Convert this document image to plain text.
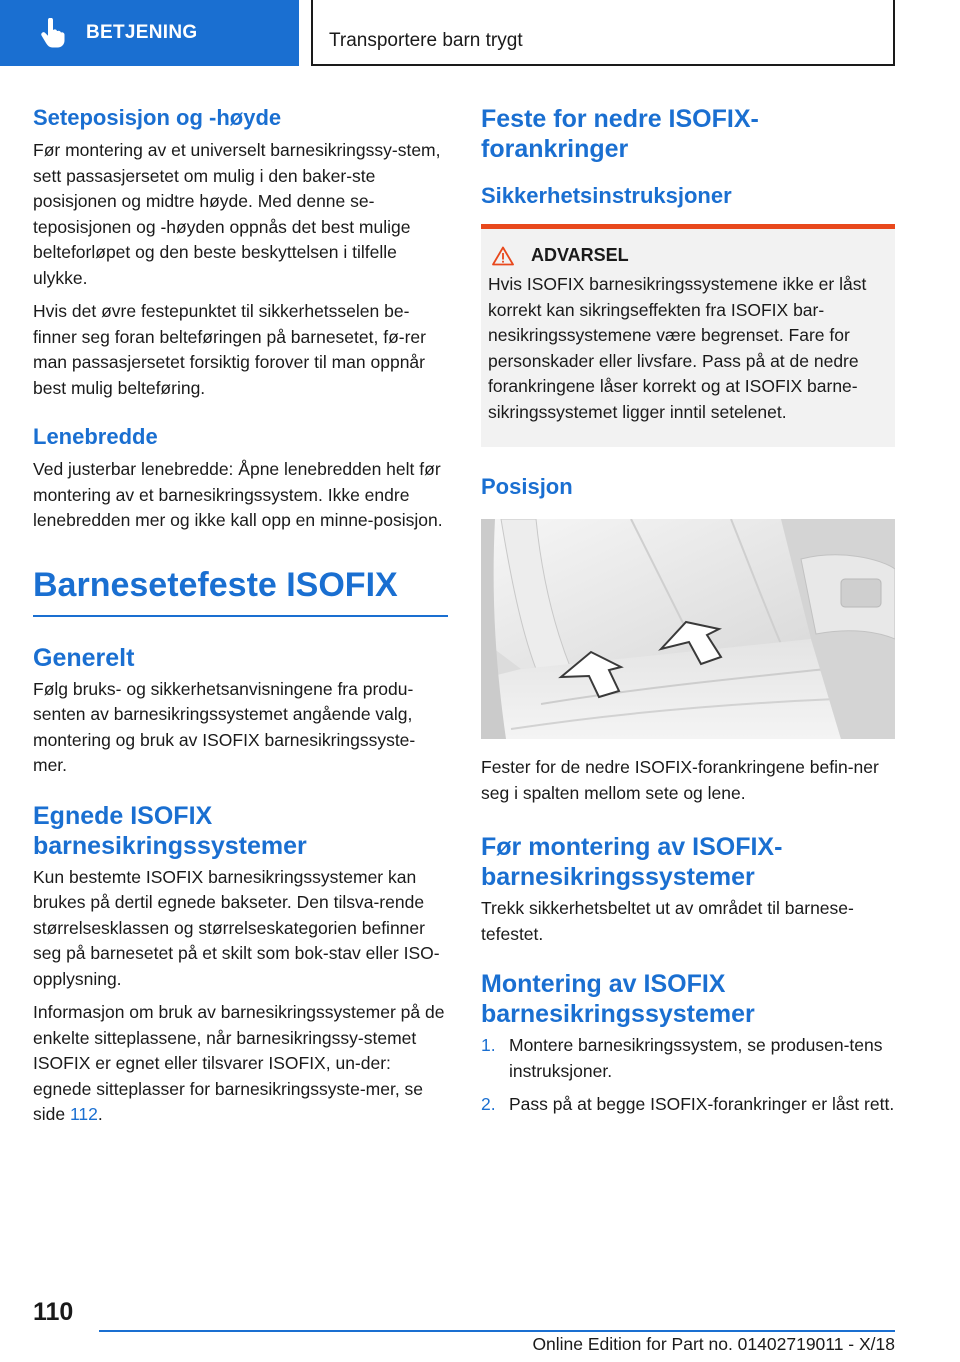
BETJENING	Transportere barn trygt
Seteposisjon og -høyde

Før montering av et universelt barnesikringssy-stem, sett passasjersetet om mulig i den baker-ste posisjonen og midtre høyde. Med denne se-teposisjonen og -høyden oppnås det best mulige belteforløpet og den beste beskyttelsen i tilfelle ulykke.

Hvis det øvre festepunktet til sikkerhetsselen be-finner seg foran belteføringen på barnesetet, fø-rer man passasjersetet forsiktig forover til man oppnår best mulig belteføring.

Lenebredde

Ved justerbar lenebredde: Åpne lenebredden helt før montering av et barnesikringssystem. Ikke endre lenebredden mer og ikke kall opp en minne-posisjon.

Barnesetefeste ISOFIX
Generelt

Følg bruks- og sikkerhetsanvisningene fra produ-senten av barnesikringssystemet angående valg, montering og bruk av ISOFIX barnesikringssyste-mer.

Egnede ISOFIX
barnesikringssystemer

Kun bestemte ISOFIX barnesikringssystemer kan brukes på dertil egnede bakseter. Den tilsva-rende størrelsesklassen og størrelseskategorien befinner seg på barnesetet på et skilt som bok-stav eller ISO-opplysning.

Informasjon om bruk av barnesikringssystemer på de enkelte sitteplassene, når barnesikringssy-stemet ISOFIX er egnet eller tilsvarer ISOFIX, un-der: egnede sitteplasser for barnesikringssyste-mer, se side 112.

Feste for nedre ISOFIX-
forankringer
Sikkerhetsinstruksjoner
ADVARSEL

Hvis ISOFIX barnesikringssystemene ikke er låst korrekt kan sikringseffekten fra ISOFIX bar-nesikringssystemene være begrenset. Fare for personskader eller livsfare. Pass på at de nedre forankringene låser korrekt og at ISOFIX barne-sikringssystemet ligger inntil setelenet.

Posisjon

Fester for de nedre ISOFIX-forankringene befin-ner seg i spalten mellom sete og lene.

Før montering av ISOFIX-
barnesikringssystemer

Trekk sikkerhetsbeltet ut av området til barnese-tefestet.

Montering av ISOFIX
barnesikringssystemer
1. Montere barnesikringssystem, se produsen-tens instruksjoner.
2. Pass på at begge ISOFIX-forankringer er låst rett.
110
Online Edition for Part no. 01402719011 - X/18
